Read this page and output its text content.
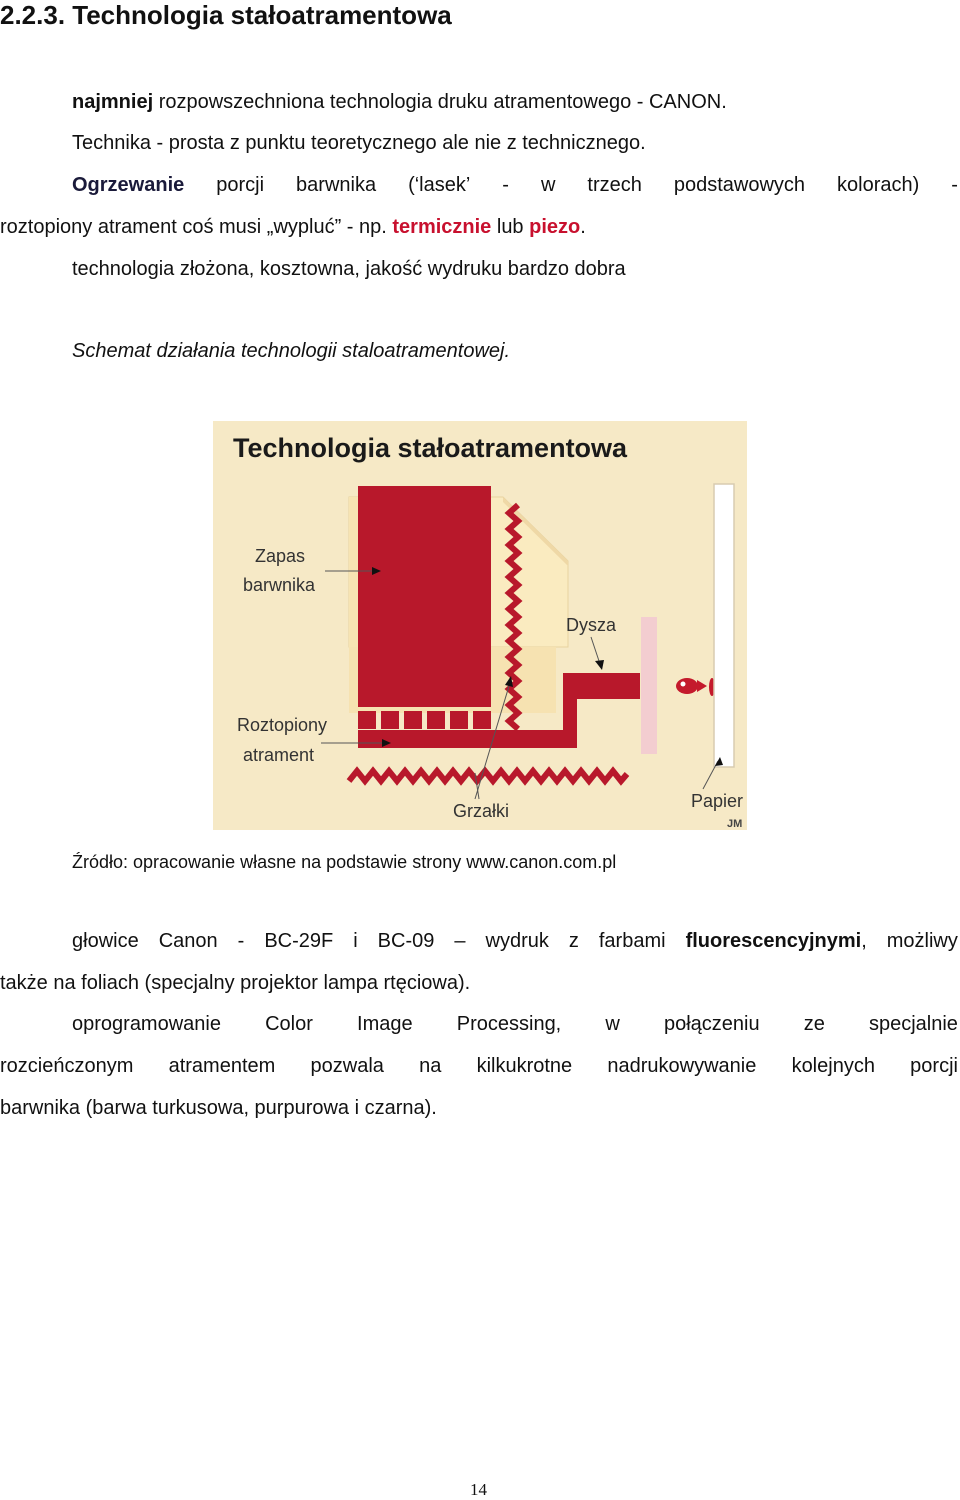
2.2.3. Technologia stałoatramentowa
najmniej rozpowszechniona technologia druku atramentowego - CANON.
Technika - prosta z punktu teoretycznego ale nie z technicznego.
Ogrzewanie porcji barwnika (‘lasek’ - w trzech podstawowych kolorach) -
roztopiony atrament coś musi „wypluć” - np. termicznie lub piezo.
technologia złożona, kosztowna, jakość wydruku bardzo dobra
Schemat działania technologii staloatramentowej.
Technologia stałoatramentowa
Zapas
barwnika
Roztopiony
atrament
Dysza
Grzałki	Papier
JM
Źródło: opracowanie własne na podstawie strony www.canon.com.pl
głowice Canon - BC-29F i BC-09 – wydruk z farbami fluorescencyjnymi, możliwy
także na foliach (specjalny projektor lampa rtęciowa).
oprogramowanie Color Image Processing, w połączeniu ze specjalnie
rozcieńczonym atramentem pozwala na kilkukrotne nadrukowywanie kolejnych porcji
barwnika (barwa turkusowa, purpurowa i czarna).
14
